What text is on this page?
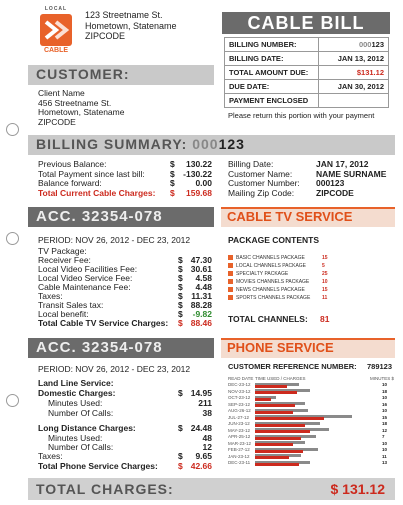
LOCAL
CABLE
123 Streetname St.
Hometown, Statename
ZIPCODE
CABLE BILL
BILLING NUMBER:	000123
BILLING DATE:	JAN 13, 2012
TOTAL AMOUNT DUE:	$131.12
DUE DATE:	JAN 30, 2012
PAYMENT ENCLOSED	
Please return this portion with your payment
CUSTOMER:
Client Name
456 Streetname St.
Hometown, Statename
ZIPCODE
BILLING SUMMARY: 000123
Previous Balance:	$	130.22
Total Payment since last bill:	$ -130.22
Balance forward:	$	0.00
Total Current Cable Charges: $	159.68
Billing Date:	JAN 17, 2012
Customer Name:	NAME SURNAME
Customer Number: 000123
Mailing Zip Code:	ZIPCODE
ACC. 32354-078	CABLE TV SERVICE
PERIOD: NOV 26, 2012 - DEC 23, 2012
TV Package:
Receiver Fee:	$ 47.30
Local Video Facilities Fee:	$ 30.61
Local Video Service Fee:	$	4.58
Cable Maintenance Fee:	$	4.48
Taxes:	$ 11.31
Transit Sales tax:	$ 88.28
Local benefit:	$	-9.82
Total Cable TV Service Charges: $ 88.46
PACKAGE CONTENTS
BASIC CHANNELS PACKAGE	15
LOCAL CHANNELS PACKAGE	5
SPECIALTY PACKAGE	25
MOVIES CHANNELS PACKAGE	10
NEWS CHANNELS PACKAGE	15
SPORTS CHANNELS PACKAGE 11
TOTAL CHANNELS: 81
ACC. 32354-078	PHONE SERVICE
PERIOD: NOV 26, 2012 - DEC 23, 2012	CUSTOMER REFERENCE NUMBER: 789123
Land Line Service:
Domestic Charges:	$ 14.95
Minutes Used:	211
Number Of Calls:	38
Long Distance Charges:	$ 24.48
Minutes Used:	48
Number Of Calls:	12
Taxes:	$	9.65
Total Phone Service Charges: $ 42.66
READ DATE TIME USED / CHARGES	MINUTES $
DEC-23-12	10
NOV-23-12	18
OCT-23-12	10
SEP-23-12	16
AUG-26-12	10
JUL-27-12	15
JUN-23-12	18
MAY-23-12	12
APR-25-12	7
MAR-23-12	10
FEB-27-12	10
JAN-23-12	11
DEC-23-11	13
TOTAL CHARGES:	$ 131.12
